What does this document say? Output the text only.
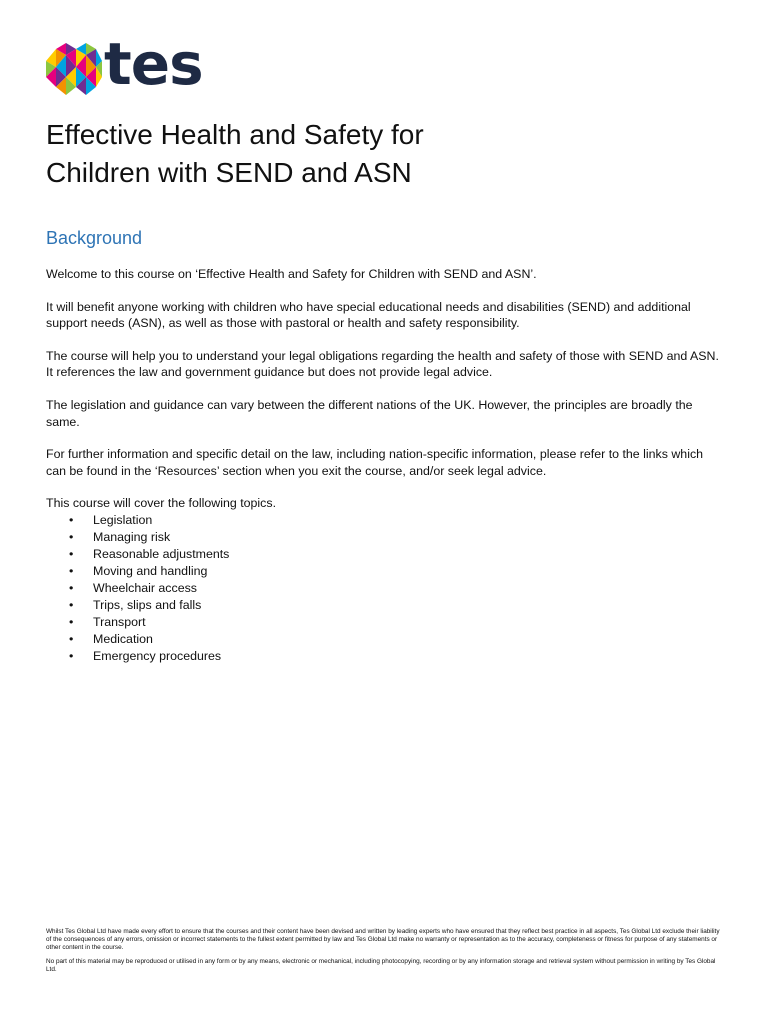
tes
Effective Health and Safety for
Children with SEND and ASN
Background

Welcome to this course on ‘Effective Health and Safety for Children with SEND and ASN’.

It will benefit anyone working with children who have special educational needs and disabilities (SEND) and additional support needs (ASN), as well as those with pastoral or health and safety responsibility.

The course will help you to understand your legal obligations regarding the health and safety of those with SEND and ASN. It references the law and government guidance but does not provide legal advice.

The legislation and guidance can vary between the different nations of the UK. However, the principles are broadly the same.

For further information and specific detail on the law, including nation-specific information, please refer to the links which can be found in the ‘Resources’ section when you exit the course, and/or seek legal advice.

This course will cover the following topics.

• Legislation
• Managing risk
• Reasonable adjustments
• Moving and handling
• Wheelchair access
• Trips, slips and falls
• Transport
• Medication
• Emergency procedures

Whilst Tes Global Ltd have made every effort to ensure that the courses and their content have been devised and written by leading experts who have ensured that they reflect best practice in all aspects, Tes Global Ltd exclude their liability of the consequences of any errors, omission or incorrect statements to the fullest extent permitted by law and Tes Global Ltd make no warranty or representation as to the accuracy, completeness or fitness for purpose of any statements or other content in the course.

No part of this material may be reproduced or utilised in any form or by any means, electronic or mechanical, including photocopying, recording or by any information storage and retrieval system without permission in writing by Tes Global Ltd.
